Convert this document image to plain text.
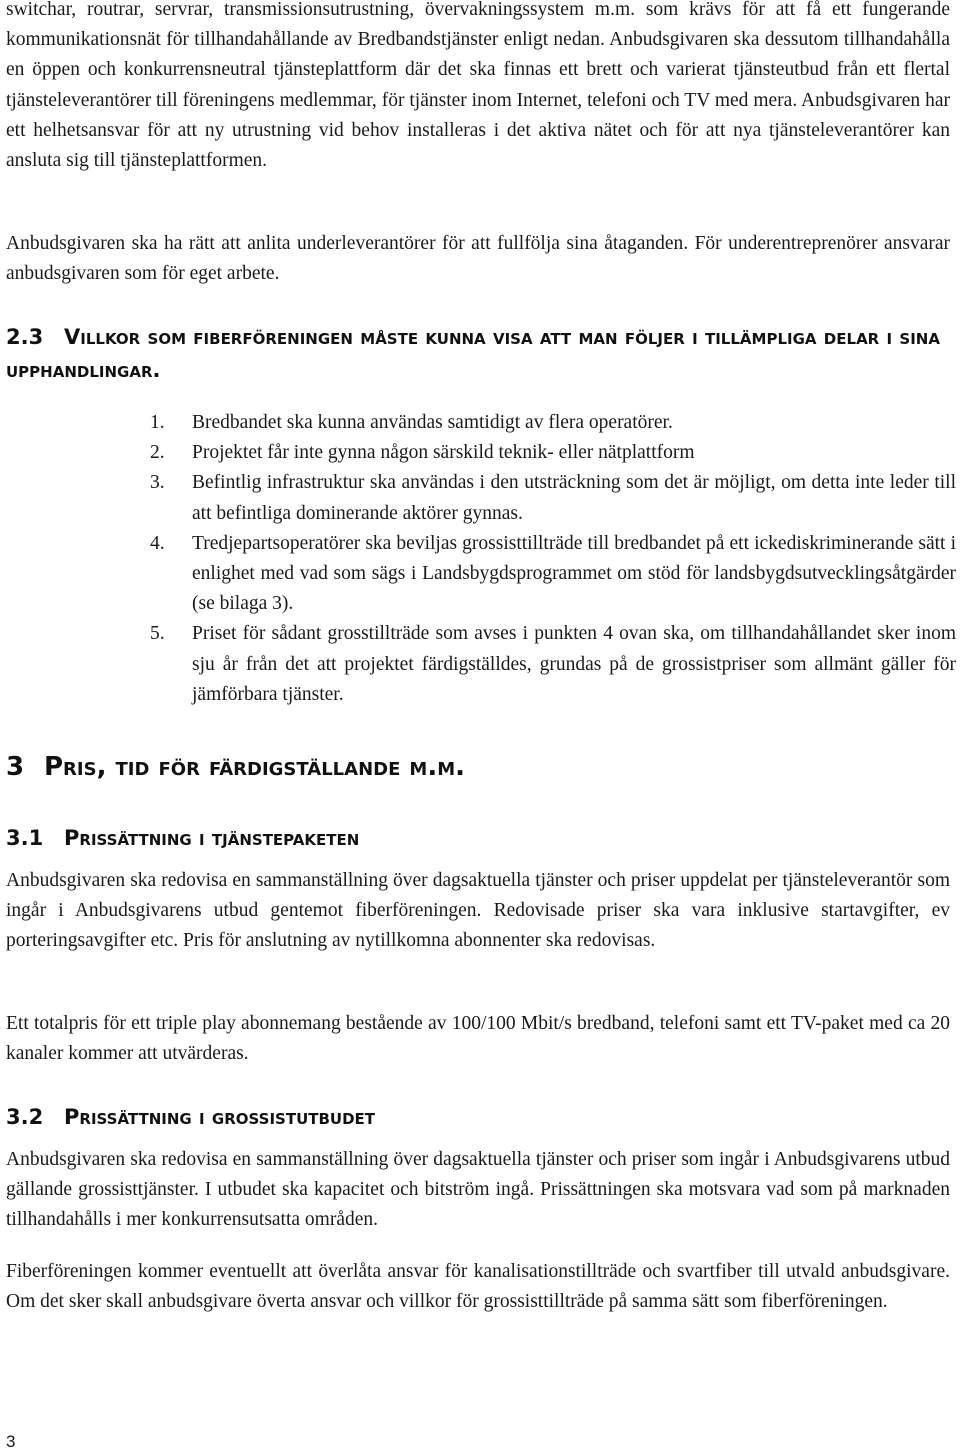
switchar, routrar, servrar, transmissionsutrustning, övervakningssystem m.m. som krävs för att få ett fungerande kommunikationsnät för tillhandahållande av Bredbandstjänster enligt nedan. Anbudsgivaren ska dessutom tillhandahålla en öppen och konkurrensneutral tjänsteplattform där det ska finnas ett brett och varierat tjänsteutbud från ett flertal tjänsteleverantörer till föreningens medlemmar, för tjänster inom Internet, telefoni och TV med mera. Anbudsgivaren har ett helhetsansvar för att ny utrustning vid behov installeras i det aktiva nätet och för att nya tjänsteleverantörer kan ansluta sig till tjänsteplattformen.

Anbudsgivaren ska ha rätt att anlita underleverantörer för att fullfölja sina åtaganden. För underentreprenörer ansvarar anbudsgivaren som för eget arbete.

2.3 Villkor som fiberföreningen måste kunna visa att man följer i tillämpliga delar i sina upphandlingar.
1. Bredbandet ska kunna användas samtidigt av flera operatörer.
2. Projektet får inte gynna någon särskild teknik- eller nätplattform
3. Befintlig infrastruktur ska användas i den utsträckning som det är möjligt, om detta inte leder till att befintliga dominerande aktörer gynnas.
4. Tredjepartsoperatörer ska beviljas grossisttillträde till bredbandet på ett ickediskriminerande sätt i enlighet med vad som sägs i Landsbygdsprogrammet om stöd för landsbygdsutvecklingsåtgärder (se bilaga 3).
5. Priset för sådant grosstillträde som avses i punkten 4 ovan ska, om tillhandahållandet sker inom sju år från det att projektet färdigställdes, grundas på de grossistpriser som allmänt gäller för jämförbara tjänster.
3 Pris, tid för färdigställande m.m.
3.1 Prissättning i tjänstepaketen

Anbudsgivaren ska redovisa en sammanställning över dagsaktuella tjänster och priser uppdelat per tjänsteleverantör som ingår i Anbudsgivarens utbud gentemot fiberföreningen. Redovisade priser ska vara inklusive startavgifter, ev porteringsavgifter etc. Pris för anslutning av nytillkomna abonnenter ska redovisas.

Ett totalpris för ett triple play abonnemang bestående av 100/100 Mbit/s bredband, telefoni samt ett TV-paket med ca 20 kanaler kommer att utvärderas.

3.2 Prissättning i grossistutbudet

Anbudsgivaren ska redovisa en sammanställning över dagsaktuella tjänster och priser som ingår i Anbudsgivarens utbud gällande grossisttjänster. I utbudet ska kapacitet och bitström ingå. Prissättningen ska motsvara vad som på marknaden tillhandahålls i mer konkurrensutsatta områden.

Fiberföreningen kommer eventuellt att överlåta ansvar för kanalisationstillträde och svartfiber till utvald anbudsgivare. Om det sker skall anbudsgivare överta ansvar och villkor för grossisttillträde på samma sätt som fiberföreningen.

3
